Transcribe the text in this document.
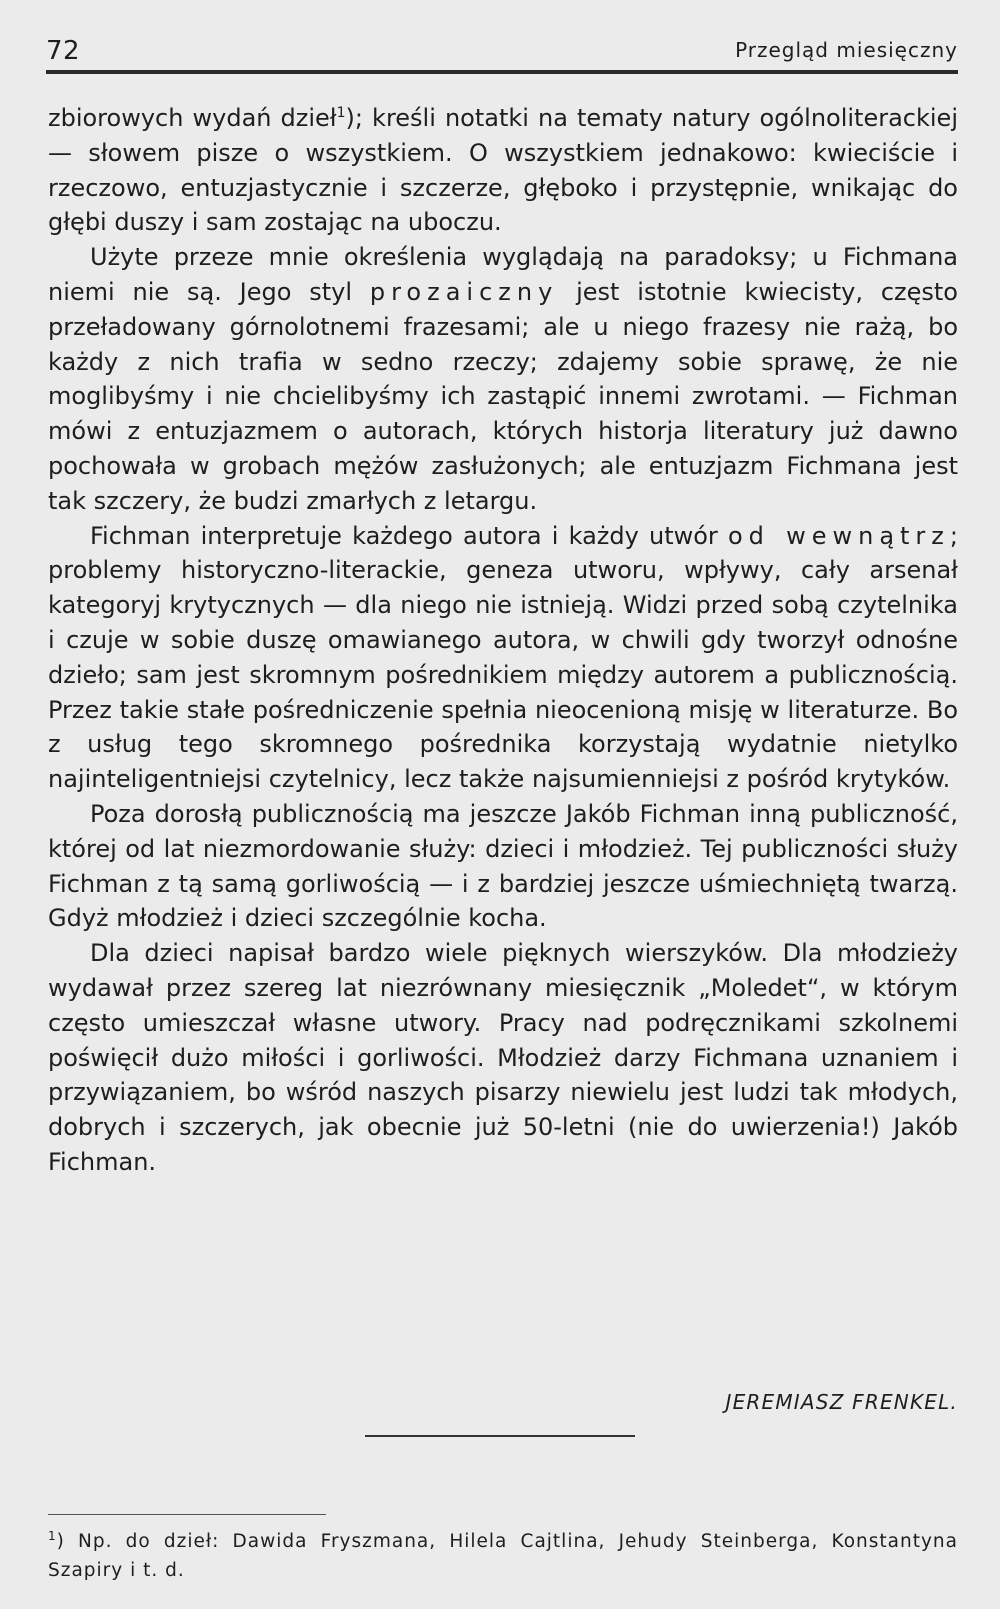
72	Przegląd miesięczny

zbiorowych wydań dzieł$^1$); kreśli notatki na tematy natury ogólnoliterackiej — słowem pisze o wszystkiem. O wszystkiem jednakowo: kwieciście i rzeczowo, entuzjastycznie i szczerze, głęboko i przystępnie, wnikając do głębi duszy i sam zostając na uboczu.

Użyte przeze mnie określenia wyglądają na paradoksy; u Fichmana niemi nie są. Jego styl prozaiczny jest istotnie kwiecisty, często przeładowany górnolotnemi frazesami; ale u niego frazesy nie rażą, bo każdy z nich trafia w sedno rzeczy; zdajemy sobie sprawę, że nie moglibyśmy i nie chcielibyśmy ich zastąpić innemi zwrotami. — Fichman mówi z entuzjazmem o autorach, których historja literatury już dawno pochowała w grobach mężów zasłużonych; ale entuzjazm Fichmana jest tak szczery, że budzi zmarłych z letargu.

Fichman interpretuje każdego autora i każdy utwór od wewnątrz; problemy historyczno-literackie, geneza utworu, wpływy, cały arsenał kategoryj krytycznych — dla niego nie istnieją. Widzi przed sobą czytelnika i czuje w sobie duszę omawianego autora, w chwili gdy tworzył odnośne dzieło; sam jest skromnym pośrednikiem między autorem a publicznością. Przez takie stałe pośredniczenie spełnia nieocenioną misję w literaturze. Bo z usług tego skromnego pośrednika korzystają wydatnie nietylko najinteligentniejsi czytelnicy, lecz także najsumienniejsi z pośród krytyków.

Poza dorosłą publicznością ma jeszcze Jakób Fichman inną publiczność, której od lat niezmordowanie służy: dzieci i młodzież. Tej publiczności służy Fichman z tą samą gorliwością — i z bardziej jeszcze uśmiechniętą twarzą. Gdyż młodzież i dzieci szczególnie kocha.

Dla dzieci napisał bardzo wiele pięknych wierszyków. Dla młodzieży wydawał przez szereg lat niezrównany miesięcznik „Moledet“, w którym często umieszczał własne utwory. Pracy nad podręcznikami szkolnemi poświęcił dużo miłości i gorliwości. Młodzież darzy Fichmana uznaniem i przywiązaniem, bo wśród naszych pisarzy niewielu jest ludzi tak młodych, dobrych i szczerych, jak obecnie już 50-letni (nie do uwierzenia!) Jakób Fichman.

JEREMIASZ FRENKEL.
$^1$) Np. do dzieł: Dawida Fryszmana, Hilela Cajtlina, Jehudy Steinberga, Konstantyna Szapiry i t. d.
